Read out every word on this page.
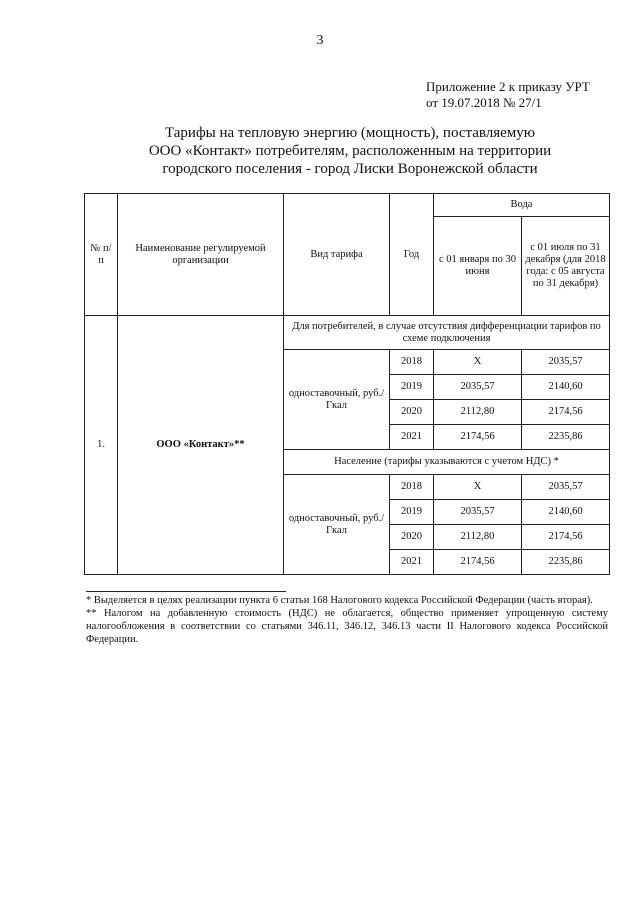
3
Приложение 2 к приказу УРТ
от 19.07.2018 № 27/1
Тарифы на тепловую энергию (мощность), поставляемую
ООО «Контакт» потребителям, расположенным на территории
городского поселения - город Лиски Воронежской области
№ п/п	Наименование регулируемой организации	Вид тарифа	Год	Вода	
				с 01 января по 30 июня	с 01 июля по 31 декабря (для 2018 года: с 05 августа по 31 декабря)
1.	ООО «Контакт»**	Для потребителей, в случае отсутствия дифференциации тарифов по схеме подключения			
		одноставочный, руб./Гкал	2018	X	2035,57
			2019	2035,57	2140,60
			2020	2112,80	2174,56
			2021	2174,56	2235,86
		Население (тарифы указываются с учетом НДС) *			
		одноставочный, руб./Гкал	2018	X	2035,57
			2019	2035,57	2140,60
			2020	2112,80	2174,56
			2021	2174,56	2235,86

* Выделяется в целях реализации пункта 6 статьи 168 Налогового кодекса Российской Федерации (часть вторая).

** Налогом на добавленную стоимость (НДС) не облагается, общество применяет упрощенную систему налогообложения в соответствии со статьями 346.11, 346.12, 346.13 части II Налогового кодекса Российской Федерации.
